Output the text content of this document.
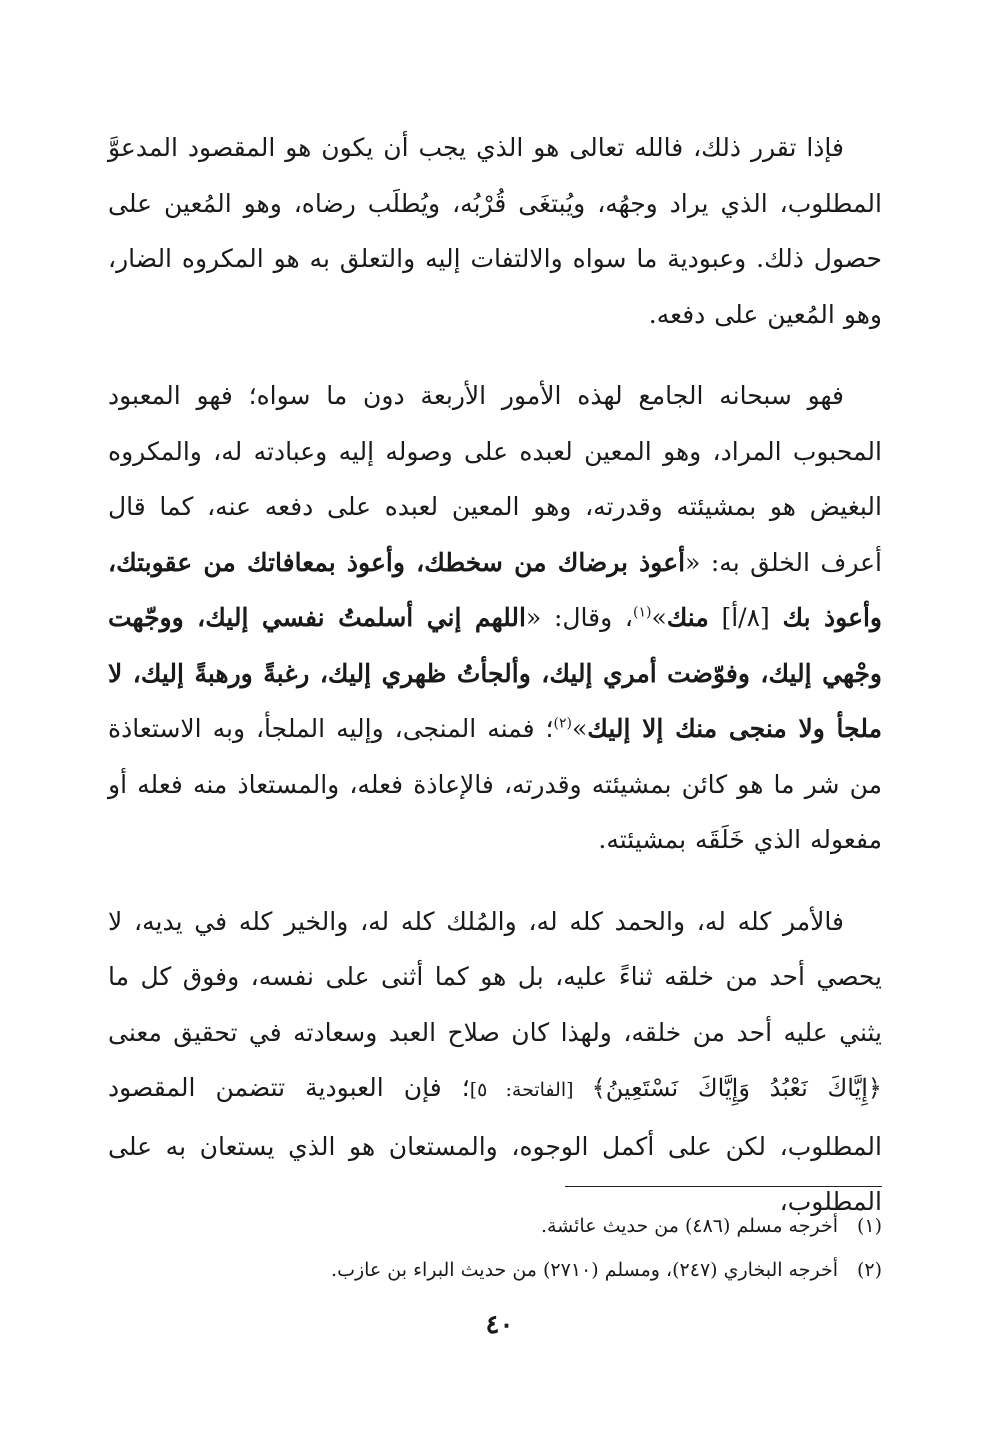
فإذا تقرر ذلك، فالله تعالى هو الذي يجب أن يكون هو المقصود المدعوَّ المطلوب، الذي يراد وجهُه، ويُبتغَى قُرْبُه، ويُطلَب رضاه، وهو المُعين على حصول ذلك. وعبودية ما سواه والالتفات إليه والتعلق به هو المكروه الضار، وهو المُعين على دفعه.

فهو سبحانه الجامع لهذه الأمور الأربعة دون ما سواه؛ فهو المعبود المحبوب المراد، وهو المعين لعبده على وصوله إليه وعبادته له، والمكروه البغيض هو بمشيئته وقدرته، وهو المعين لعبده على دفعه عنه، كما قال أعرف الخلق به: «أعوذ برضاك من سخطك، وأعوذ بمعافاتك من عقوبتك، وأعوذ بك [٨/أ] منك»$^{(١)}$، وقال: «اللهم إني أسلمتُ نفسي إليك، ووجّهت وجْهي إليك، وفوّضت أمري إليك، وألجأتُ ظهري إليك، رغبةً ورهبةً إليك، لا ملجأ ولا منجى منك إلا إليك»$^{(٢)}$؛ فمنه المنجى، وإليه الملجأ، وبه الاستعاذة من شر ما هو كائن بمشيئته وقدرته، فالإعاذة فعله، والمستعاذ منه فعله أو مفعوله الذي خَلَقَه بمشيئته.

فالأمر كله له، والحمد كله له، والمُلك كله له، والخير كله في يديه، لا يحصي أحد من خلقه ثناءً عليه، بل هو كما أثنى على نفسه، وفوق كل ما يثني عليه أحد من خلقه، ولهذا كان صلاح العبد وسعادته في تحقيق معنى ﴿إِيَّاكَ نَعْبُدُ وَإِيَّاكَ نَسْتَعِينُ﴾ [الفاتحة: ٥]؛ فإن العبودية تتضمن المقصود المطلوب، لكن على أكمل الوجوه، والمستعان هو الذي يستعان به على المطلوب،

(١)أخرجه مسلم (٤٨٦) من حديث عائشة.

(٢)أخرجه البخاري (٢٤٧)، ومسلم (٢٧١٠) من حديث البراء بن عازب.

٤٠
